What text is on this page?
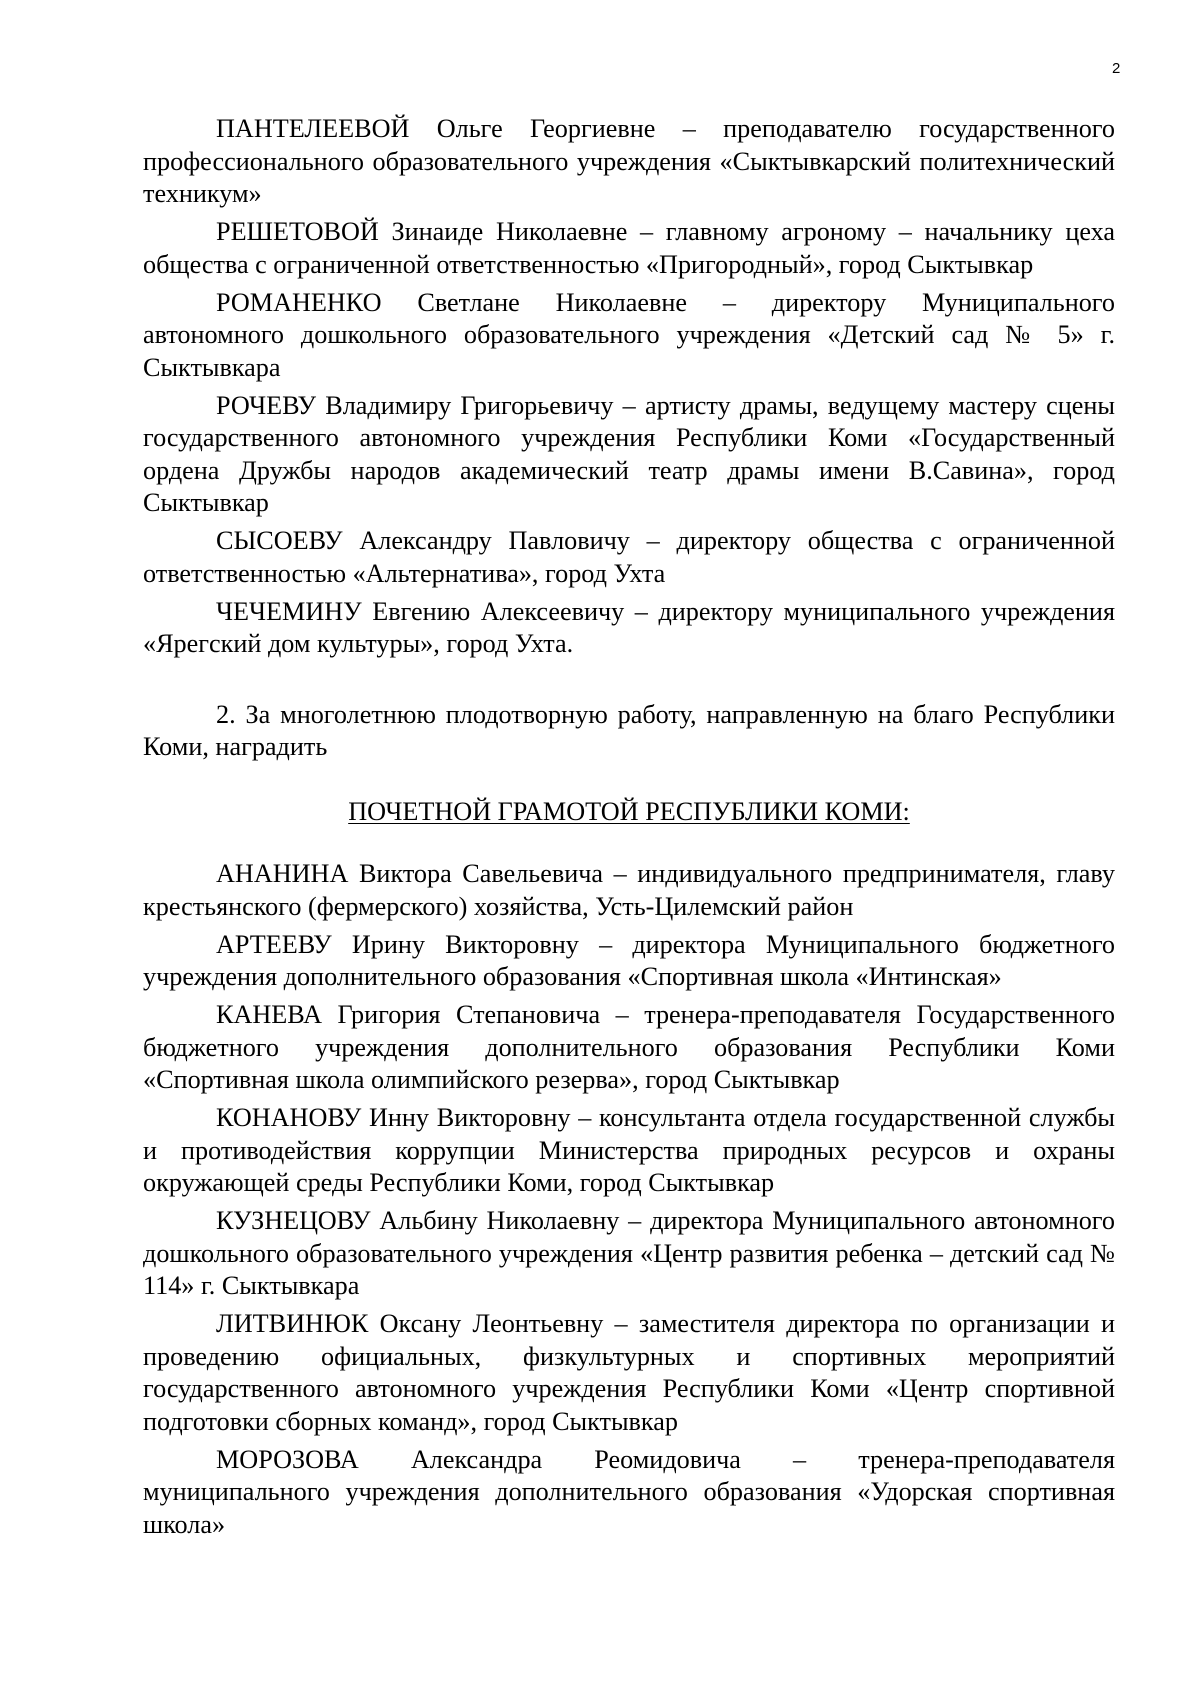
2

ПАНТЕЛЕЕВОЙ Ольге Георгиевне – преподавателю государственного профессионального образовательного учреждения «Сыктывкарский политехнический техникум»

РЕШЕТОВОЙ Зинаиде Николаевне – главному агроному – начальнику цеха общества с ограниченной ответственностью «Пригородный», город Сыктывкар

РОМАНЕНКО Светлане Николаевне – директору Муниципального автономного дошкольного образовательного учреждения «Детский сад № 5» г. Сыктывкара

РОЧЕВУ Владимиру Григорьевичу – артисту драмы, ведущему мастеру сцены государственного автономного учреждения Республики Коми «Государственный ордена Дружбы народов академический театр драмы имени В.Савина», город Сыктывкар

СЫСОЕВУ Александру Павловичу – директору общества с ограниченной ответственностью «Альтернатива», город Ухта

ЧЕЧЕМИНУ Евгению Алексеевичу – директору муниципального учреждения «Ярегский дом культуры», город Ухта.

2. За многолетнюю плодотворную работу, направленную на благо Республики Коми, наградить

ПОЧЕТНОЙ ГРАМОТОЙ РЕСПУБЛИКИ КОМИ:

АНАНИНА Виктора Савельевича – индивидуального предпринимателя, главу крестьянского (фермерского) хозяйства, Усть-Цилемский район

АРТЕЕВУ Ирину Викторовну – директора Муниципального бюджетного учреждения дополнительного образования «Спортивная школа «Интинская»

КАНЕВА Григория Степановича – тренера-преподавателя Государственного бюджетного учреждения дополнительного образования Республики Коми «Спортивная школа олимпийского резерва», город Сыктывкар

КОНАНОВУ Инну Викторовну – консультанта отдела государственной службы и противодействия коррупции Министерства природных ресурсов и охраны окружающей среды Республики Коми, город Сыктывкар

КУЗНЕЦОВУ Альбину Николаевну – директора Муниципального автономного дошкольного образовательного учреждения «Центр развития ребенка – детский сад № 114» г. Сыктывкара

ЛИТВИНЮК Оксану Леонтьевну – заместителя директора по организации и проведению официальных, физкультурных и спортивных мероприятий государственного автономного учреждения Республики Коми «Центр спортивной подготовки сборных команд», город Сыктывкар

МОРОЗОВА Александра Реомидовича – тренера-преподавателя муниципального учреждения дополнительного образования «Удорская спортивная школа»
